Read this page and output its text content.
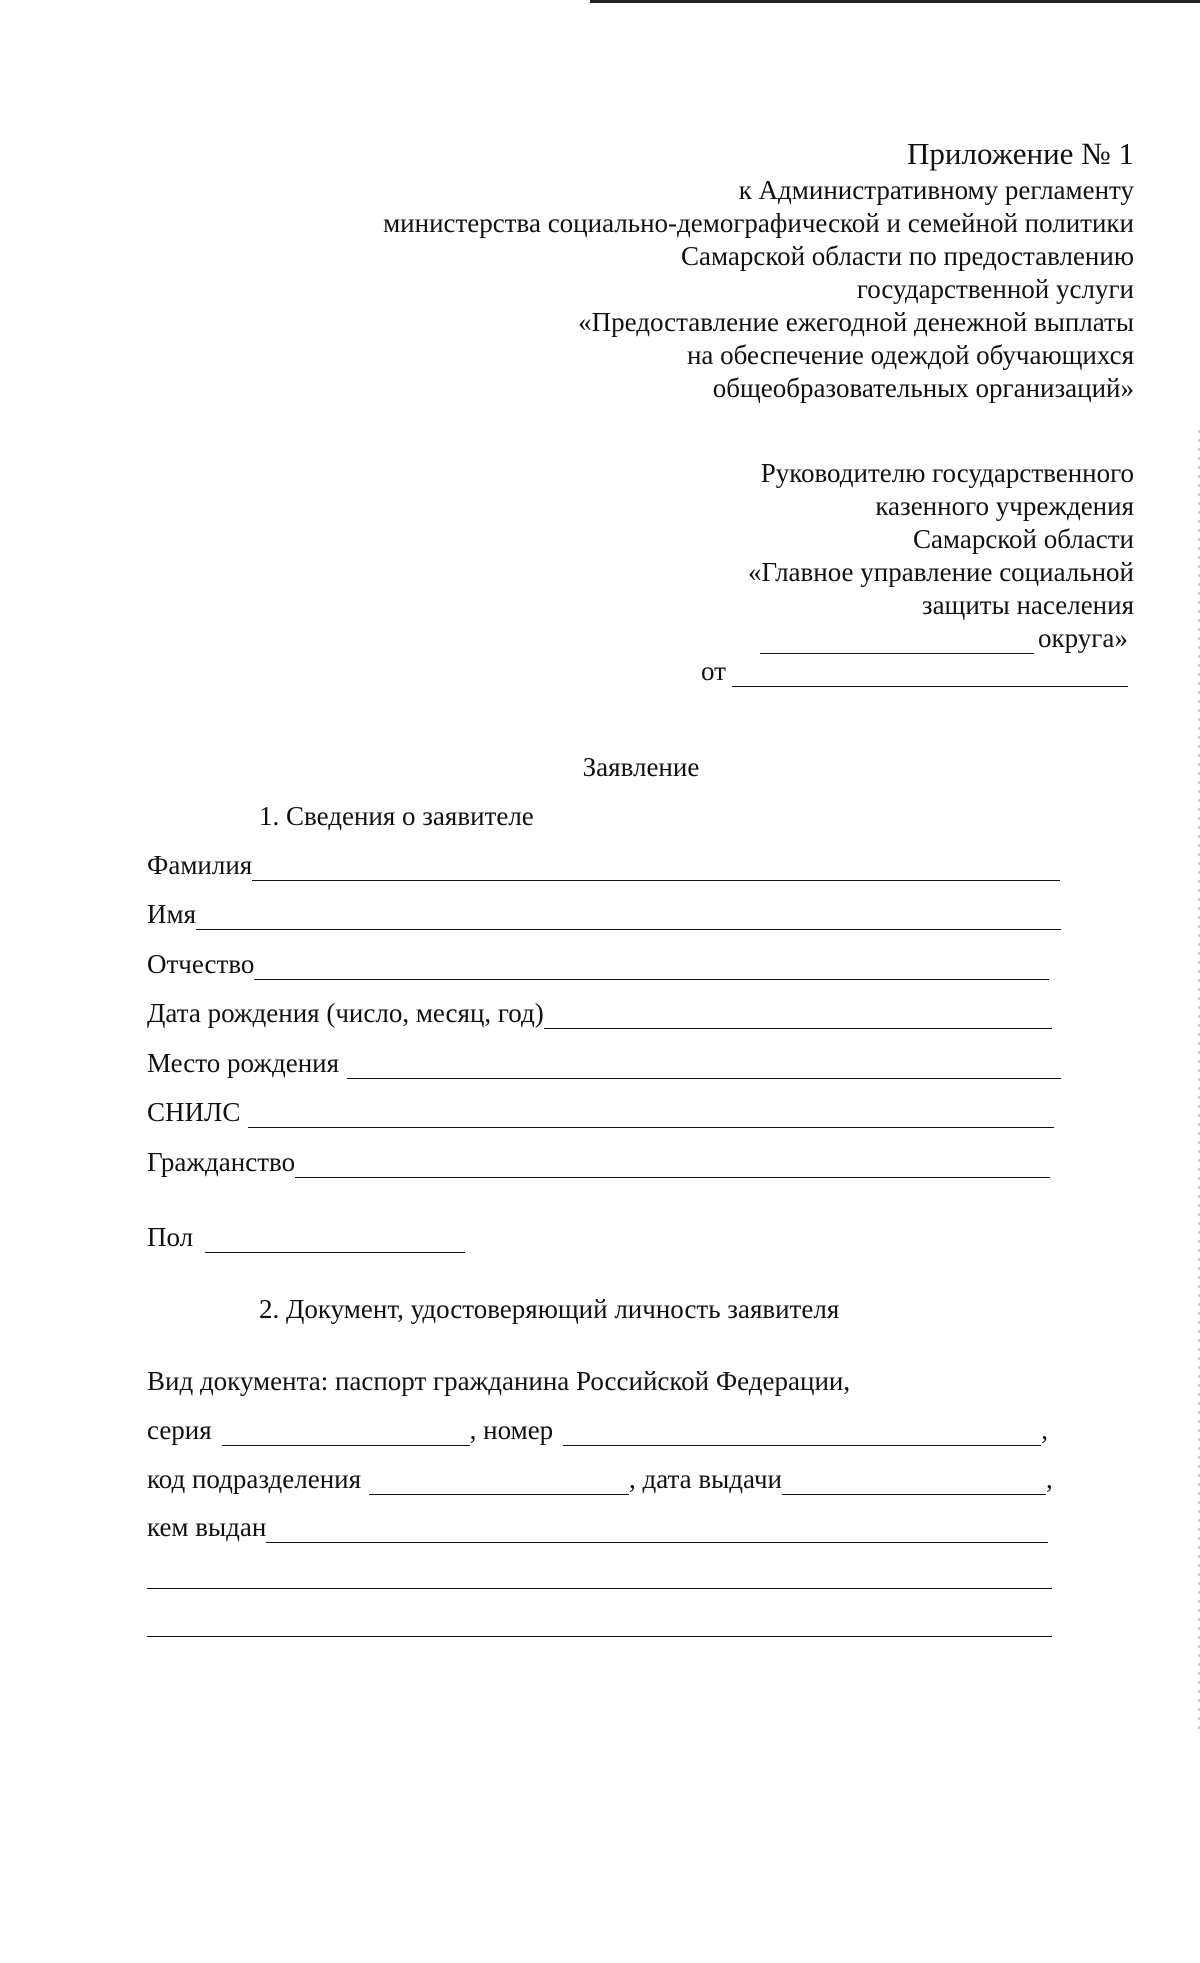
Приложение № 1
к Административному регламенту
министерства социально-демографической и семейной политики
Самарской области по предоставлению
государственной услуги
«Предоставление ежегодной денежной выплаты
на обеспечение одеждой обучающихся
общеобразовательных организаций»
Руководителю государственного
казенного учреждения
Самарской области
«Главное управление социальной
защиты населения
округа»
от
Заявление
1. Сведения о заявителе
Фамилия
Имя
Отчество
Дата рождения (число, месяц, год)
Место рождения
СНИЛС
Гражданство
Пол
2. Документ, удостоверяющий личность заявителя
Вид документа: паспорт гражданина Российской Федерации,
серия	, номер	,
код подразделения	, дата выдачи	,
кем выдан
